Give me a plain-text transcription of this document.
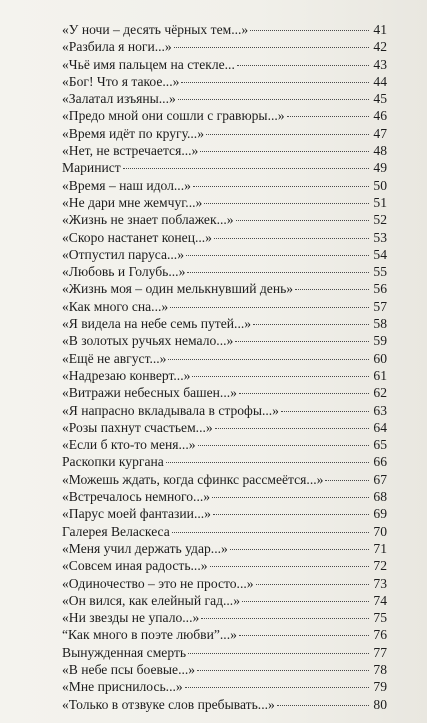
«У ночи – десять чёрных тем...»	41
«Разбила я ноги...»	42
«Чьё имя пальцем на стекле...	43
«Бог! Что я такое...»	44
«Залатал изъяны...»	45
«Предо мной они сошли с гравюры...»	46
«Время идёт по кругу...»	47
«Нет, не встречается...»	48
Маринист	49
«Время – наш идол...»	50
«Не дари мне жемчуг...»	51
«Жизнь не знает поблажек...»	52
«Скоро настанет конец...»	53
«Отпустил паруса...»	54
«Любовь и Голубь...»	55
«Жизнь моя – один мелькнувший день»	56
«Как много сна...»	57
«Я видела на небе семь путей...»	58
«В золотых ручьях немало...»	59
«Ещё не август...»	60
«Надрезаю конверт...»	61
«Витражи небесных башен...»	62
«Я напрасно вкладывала в строфы...»	63
«Розы пахнут счастьем...»	64
«Если б кто-то меня...»	65
Раскопки кургана	66
«Можешь ждать, когда сфинкс рассмеётся...»	67
«Встречалось немного...»	68
«Парус моей фантазии...»	69
Галерея Веласкеса	70
«Меня учил держать удар...»	71
«Совсем иная радость...»	72
«Одиночество – это не просто...»	73
«Он вился, как елейный гад...»	74
«Ни звезды не упало...»	75
“Как много в поэте любви”...»	76
Вынужденная смерть	77
«В небе псы боевые...»	78
«Мне приснилось...»	79
«Только в отзвуке слов пребывать...»	80
